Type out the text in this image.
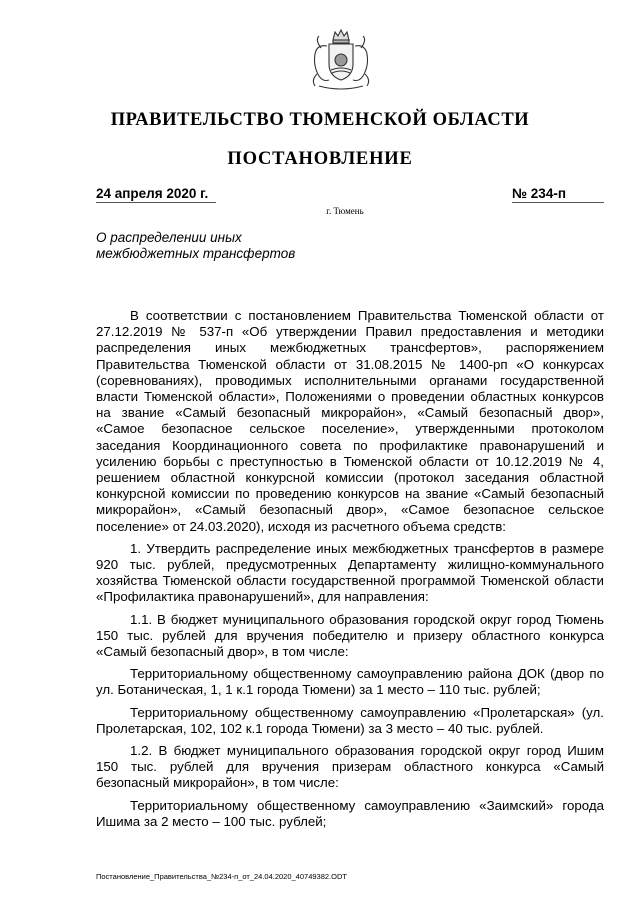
ПРАВИТЕЛЬСТВО ТЮМЕНСКОЙ ОБЛАСТИ
ПОСТАНОВЛЕНИЕ
24 апреля 2020 г.	№ 234-п
г. Тюмень
О распределении иных
межбюджетных трансфертов

В соответствии с постановлением Правительства Тюменской области от 27.12.2019 № 537-п «Об утверждении Правил предоставления и методики распределения иных межбюджетных трансфертов», распоряжением Правительства Тюменской области от 31.08.2015 № 1400-рп «О конкурсах (соревнованиях), проводимых исполнительными органами государственной власти Тюменской области», Положениями о проведении областных конкурсов на звание «Самый безопасный микрорайон», «Самый безопасный двор», «Самое безопасное сельское поселение», утвержденными протоколом заседания Координационного совета по профилактике правонарушений и усилению борьбы с преступностью в Тюменской области от 10.12.2019 № 4, решением областной конкурсной комиссии (протокол заседания областной конкурсной комиссии по проведению конкурсов на звание «Самый безопасный микрорайон», «Самый безопасный двор», «Самое безопасное сельское поселение» от 24.03.2020), исходя из расчетного объема средств:

1. Утвердить распределение иных межбюджетных трансфертов в размере 920 тыс. рублей, предусмотренных Департаменту жилищно-коммунального хозяйства Тюменской области государственной программой Тюменской области «Профилактика правонарушений», для направления:

1.1. В бюджет муниципального образования городской округ город Тюмень 150 тыс. рублей для вручения победителю и призеру областного конкурса «Самый безопасный двор», в том числе:

Территориальному общественному самоуправлению района ДОК (двор по ул. Ботаническая, 1, 1 к.1 города Тюмени) за 1 место – 110 тыс. рублей;

Территориальному общественному самоуправлению «Пролетарская» (ул. Пролетарская, 102, 102 к.1 города Тюмени) за 3 место – 40 тыс. рублей.

1.2. В бюджет муниципального образования городской округ город Ишим 150 тыс. рублей для вручения призерам областного конкурса «Самый безопасный микрорайон», в том числе:

Территориальному общественному самоуправлению «Заимский» города Ишима за 2 место – 100 тыс. рублей;

Постановление_Правительства_№234-п_от_24.04.2020_40749382.ODT
